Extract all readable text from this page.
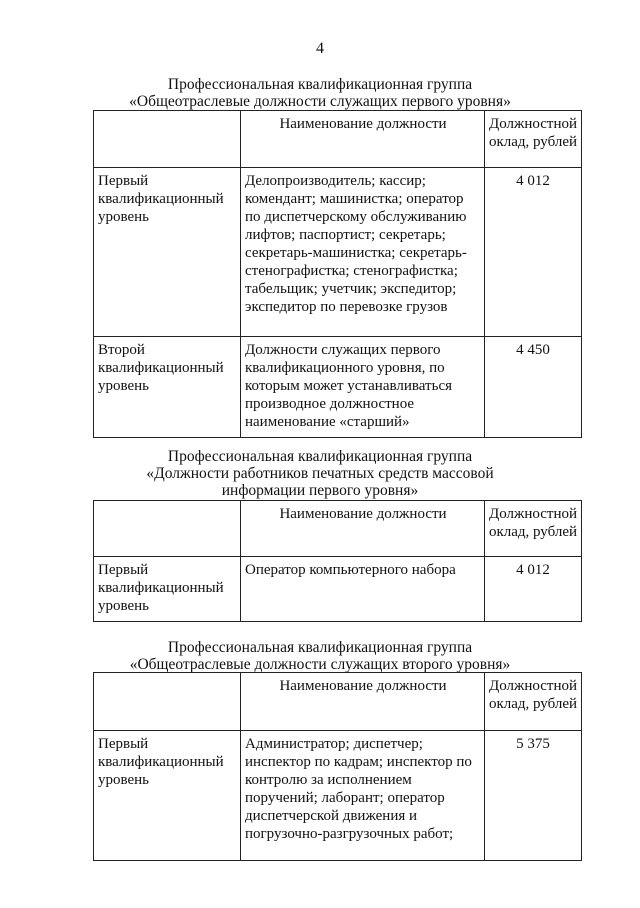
4
Профессиональная квалификационная группа
«Общеотраслевые должности служащих первого уровня»
	Наименование должности	Должностной оклад, рублей
Первый квалификационный уровень	Делопроизводитель; кассир; комендант; машинистка; оператор по диспетчерскому обслуживанию лифтов; паспортист; секретарь; секретарь-машинистка; секретарь-стенографистка; стенографистка; табельщик; учетчик; экспедитор; экспедитор по перевозке грузов	4 012
Второй квалификационный уровень	Должности служащих первого квалификационного уровня, по которым может устанавливаться производное должностное наименование «старший»	4 450
Профессиональная квалификационная группа
«Должности работников печатных средств массовой
информации первого уровня»
	Наименование должности	Должностной оклад, рублей
Первый квалификационный уровень	Оператор компьютерного набора	4 012
Профессиональная квалификационная группа
«Общеотраслевые должности служащих второго уровня»
	Наименование должности	Должностной оклад, рублей
Первый квалификационный уровень	Администратор; диспетчер; инспектор по кадрам; инспектор по контролю за исполнением поручений; лаборант; оператор диспетчерской движения и погрузочно-разгрузочных работ;	5 375
